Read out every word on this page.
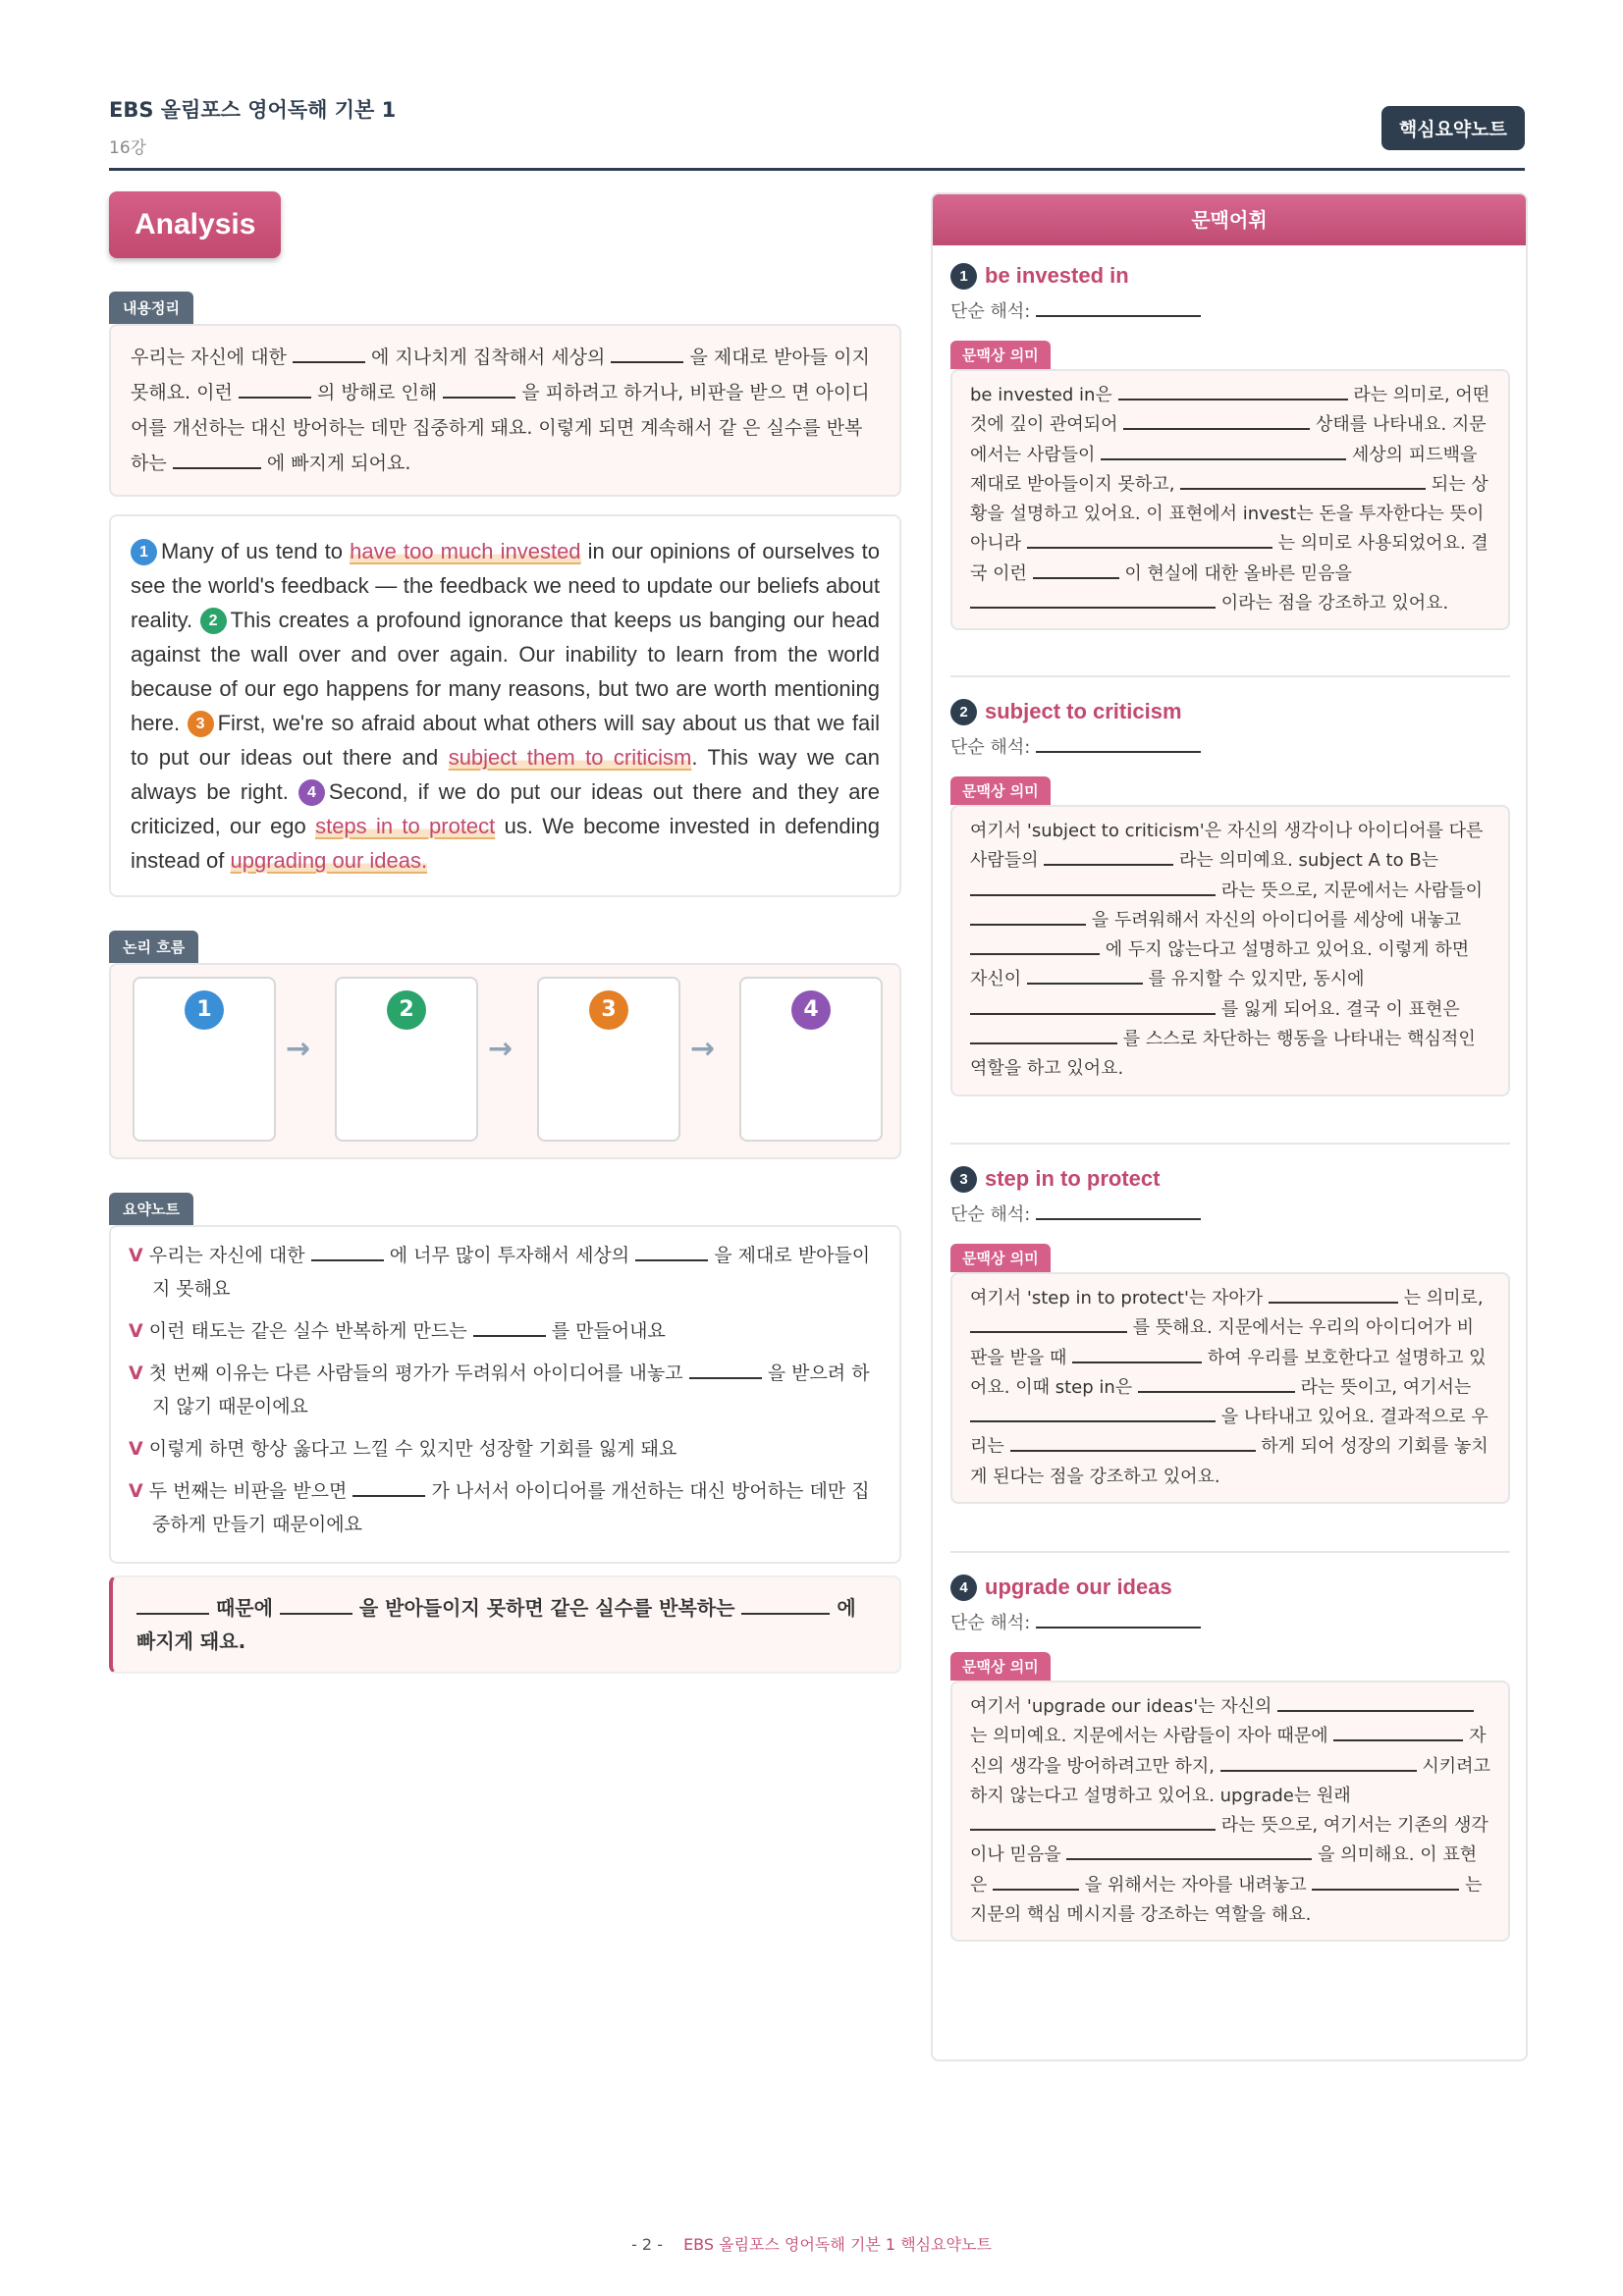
EBS 올림포스 영어독해 기본 1
16강
핵심요약노트
Analysis
내용정리
우리는 자신에 대한	에 지나치게 집착해서 세상의	을 제대로 받아들 이지 못해요. 이런	의 방해로 인해	을 피하려고 하거나, 비판을 받으 면 아이디어를 개선하는 대신 방어하는 데만 집중하게 돼요. 이렇게 되면 계속해서 같 은 실수를 반복하는	에 빠지게 되어요.
1 Many of us tend to have too much invested in our opinions of ourselves to see the world's feedback — the feedback we need to update our beliefs about reality. 2 This creates a profound ignorance that keeps us banging our head against the wall over and over again. Our inability to learn from the world because of our ego happens for many reasons, but two are worth mentioning here. 3 First, we're so afraid about what others will say about us that we fail to put our ideas out there and subject them to criticism. This way we can always be right. 4 Second, if we do put our ideas out there and they are criticized, our ego steps in to protect us. We become invested in defending instead of upgrading our ideas.
논리 흐름
1
→
2
→
3
→
4
요약노트
V 우리는 자신에 대한	에 너무 많이 투자해서 세상의	을 제대로 받아들이지 못해요
V 이런 태도는 같은 실수 반복하게 만드는	를 만들어내요
V 첫 번째 이유는 다른 사람들의 평가가 두려워서 아이디어를 내놓고	을 받으려 하지 않기 때문이에요
V 이렇게 하면 항상 옳다고 느낄 수 있지만 성장할 기회를 잃게 돼요
V 두 번째는 비판을 받으면	가 나서서 아이디어를 개선하는 대신 방어하는 데만 집중하게 만들기 때문이에요
때문에	을 받아들이지 못하면 같은 실수를 반복하는	에 빠지게 돼요.
문맥어휘
1 be invested in
단순 해석:
문맥상 의미
be invested in은	라는 의미로, 어떤 것에 깊이 관여되어	상태를 나타내요. 지문에서는 사람들이	세상의 피드백을 제대로 받아들이지 못하고,	되는 상황을 설명하고 있어요. 이 표현에서 invest는 돈을 투자한다는 뜻이 아니라	는 의미로 사용되었어요. 결국 이런	이 현실에 대한 올바른 믿음을  이라는 점을 강조하고 있어요.
2 subject to criticism
단순 해석:
문맥상 의미
여기서 'subject to criticism'은 자신의 생각이나 아이디어를 다른 사람들의	라는 의미예요. subject A to B는  라는 뜻으로, 지문에서는 사람들이  을 두려워해서 자신의 아이디어를 세상에 내놓고  에 두지 않는다고 설명하고 있어요. 이렇게 하면 자신이	를 유지할 수 있지만, 동시에  를 잃게 되어요. 결국 이 표현은  를 스스로 차단하는 행동을 나타내는 핵심적인 역할을 하고 있어요.
3 step in to protect
단순 해석:
문맥상 의미
여기서 'step in to protect'는 자아가	는 의미로,  를 뜻해요. 지문에서는 우리의 아이디어가 비판을 받을 때	하여 우리를 보호한다고 설명하고 있어요. 이때 step in은	라는 뜻이고, 여기서는  을 나타내고 있어요. 결과적으로 우리는	하게 되어 성장의 기회를 놓치게 된다는 점을 강조하고 있어요.
4 upgrade our ideas
단순 해석:
문맥상 의미
여기서 'upgrade our ideas'는 자신의  는 의미예요. 지문에서는 사람들이 자아 때문에	자신의 생각을 방어하려고만 하지,	시키려고 하지 않는다고 설명하고 있어요. upgrade는 원래  라는 뜻으로, 여기서는 기존의 생각이나 믿음을	을 의미해요. 이 표현은	을 위해서는 자아를 내려놓고	는 지문의 핵심 메시지를 강조하는 역할을 해요.
- 2 - EBS 올림포스 영어독해 기본 1 핵심요약노트
